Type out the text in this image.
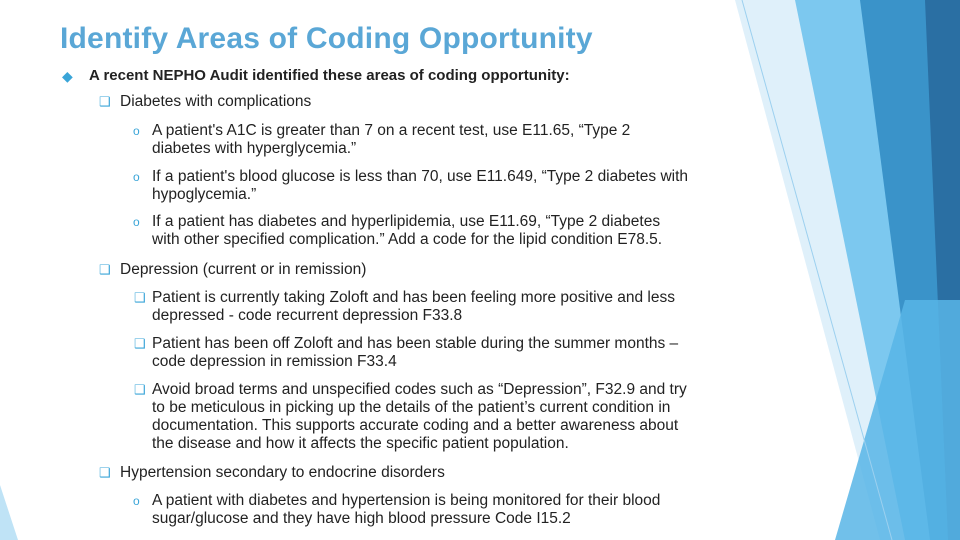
Identify Areas of Coding Opportunity
◆ A recent NEPHO Audit identified these areas of coding opportunity:
❑ Diabetes with complications
o A patient's A1C is greater than 7 on a recent test, use E11.65, “Type 2
diabetes with hyperglycemia.”
o If a patient's blood glucose is less than 70, use E11.649, “Type 2 diabetes with
hypoglycemia.”
o If a patient has diabetes and hyperlipidemia, use E11.69, “Type 2 diabetes
with other specified complication.” Add a code for the lipid condition E78.5.
❑ Depression (current or in remission)
❑ Patient is currently taking Zoloft and has been feeling more positive and less
depressed - code recurrent depression F33.8
❑ Patient has been off Zoloft and has been stable during the summer months –
code depression in remission F33.4
❑ Avoid broad terms and unspecified codes such as “Depression”, F32.9 and try
to be meticulous in picking up the details of the patient’s current condition in
documentation. This supports accurate coding and a better awareness about
the disease and how it affects the specific patient population.
❑ Hypertension secondary to endocrine disorders
o A patient with diabetes and hypertension is being monitored for their blood
sugar/glucose and they have high blood pressure Code I15.2
